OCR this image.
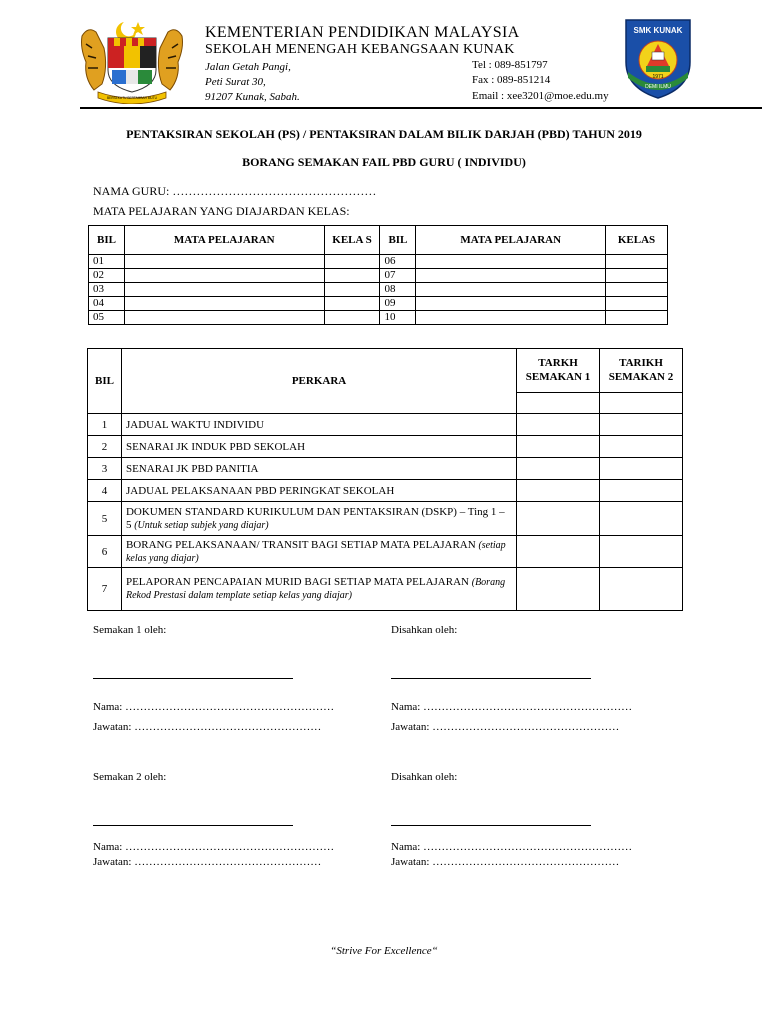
BERSEKUTU BERTAMBAH MUTU
KEMENTERIAN PENDIDIKAN MALAYSIA
SEKOLAH MENENGAH KEBANGSAAN KUNAK
Jalan Getah Pangi,
Peti Surat 30,
91207 Kunak, Sabah.
Tel : 089-851797
Fax : 089-851214
Email : xee3201@moe.edu.my
SMK KUNAK
1971
DEMI ILMU
PENTAKSIRAN SEKOLAH (PS) / PENTAKSIRAN DALAM BILIK DARJAH (PBD) TAHUN 2019
BORANG SEMAKAN FAIL PBD GURU ( INDIVIDU)
NAMA GURU: ……………………………………………
MATA PELAJARAN YANG DIAJARDAN KELAS:
BIL	MATA PELAJARAN	KELA S	BIL	MATA PELAJARAN	KELAS
01			06		
02			07		
03			08		
04			09		
05			10		
BIL	PERKARA	TARKH SEMAKAN 1	TARIKH SEMAKAN 2

1	JADUAL WAKTU INDIVIDU		
2	SENARAI JK INDUK PBD SEKOLAH		
3	SENARAI JK PBD PANITIA		
4	JADUAL PELAKSANAAN PBD PERINGKAT SEKOLAH		
5	DOKUMEN STANDARD KURIKULUM DAN PENTAKSIRAN (DSKP) – Ting 1 – 5 (Untuk setiap subjek yang diajar)		
6	BORANG PELAKSANAAN/ TRANSIT BAGI SETIAP MATA PELAJARAN (setiap kelas yang diajar)		
7	PELAPORAN PENCAPAIAN MURID BAGI SETIAP MATA PELAJARAN (Borang Rekod Prestasi dalam template setiap kelas yang diajar)		
Semakan 1 oleh:	Disahkan oleh:
Nama: …………………………………………………	Nama: …………………………………………………
Jawatan: ……………………………………………	Jawatan: ……………………………………………
Semakan 2 oleh:	Disahkan oleh:
Nama: …………………………………………………	Nama: …………………………………………………
Jawatan: ……………………………………………	Jawatan: ……………………………………………
“Strive For Excellence“
